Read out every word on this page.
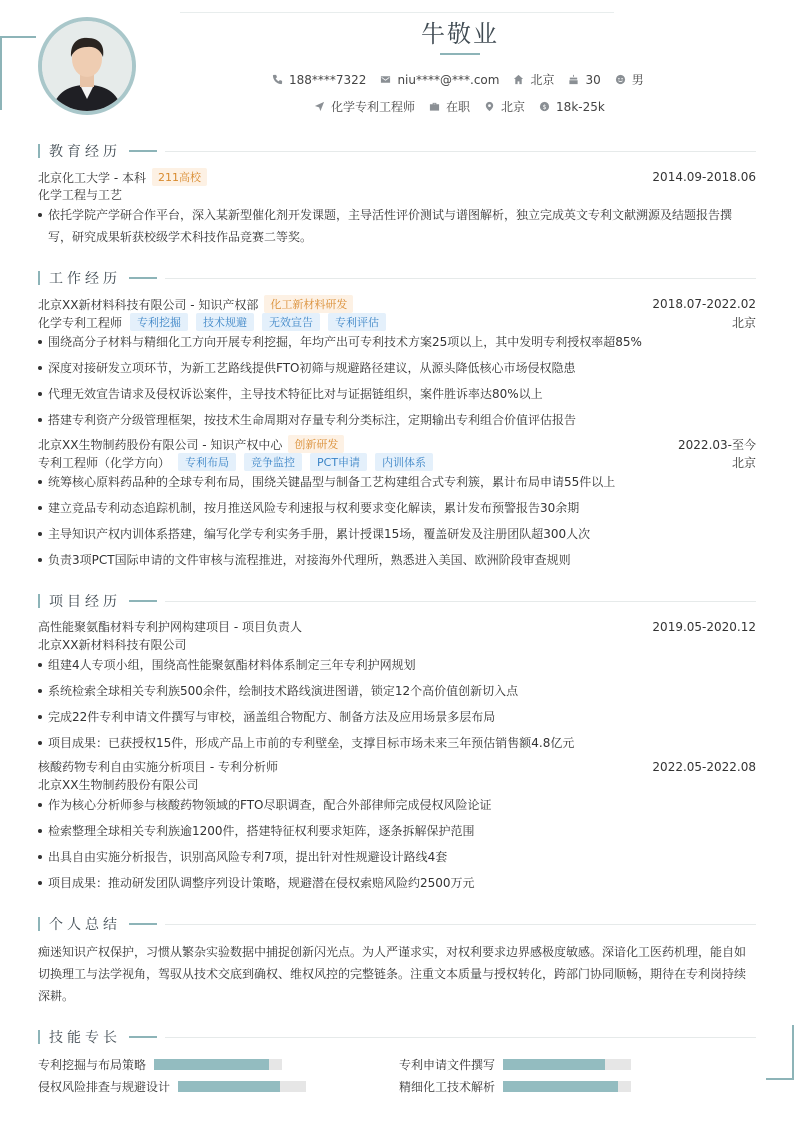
牛敬业
188****7322	niu****@***.com	北京	30	男
化学专利工程师	在职	北京 $ 18k-25k
教育经历
北京化工大学 - 本科	211高校	2014.09-2018.06
化学工程与工艺
依托学院产学研合作平台，深入某新型催化剂开发课题，主导活性评价测试与谱图解析，独立完成英文专利文献溯源及结题报告撰写，研究成果斩获校级学术科技作品竞赛二等奖。
工作经历
北京XX新材料科技有限公司 - 知识产权部	化工新材料研发	2018.07-2022.02
化学专利工程师	专利挖掘	技术规避	无效宣告	专利评估	北京
围绕高分子材料与精细化工方向开展专利挖掘，年均产出可专利技术方案25项以上，其中发明专利授权率超85%
深度对接研发立项环节，为新工艺路线提供FTO初筛与规避路径建议，从源头降低核心市场侵权隐患
代理无效宣告请求及侵权诉讼案件，主导技术特征比对与证据链组织，案件胜诉率达80%以上
搭建专利资产分级管理框架，按技术生命周期对存量专利分类标注，定期输出专利组合价值评估报告
北京XX生物制药股份有限公司 - 知识产权中心	创新研发	2022.03-至今
专利工程师（化学方向）	专利布局	竞争监控	PCT申请	内训体系	北京
统筹核心原料药品种的全球专利布局，围绕关键晶型与制备工艺构建组合式专利簇，累计布局申请55件以上
建立竞品专利动态追踪机制，按月推送风险专利速报与权利要求变化解读，累计发布预警报告30余期
主导知识产权内训体系搭建，编写化学专利实务手册，累计授课15场，覆盖研发及注册团队超300人次
负责3项PCT国际申请的文件审核与流程推进，对接海外代理所，熟悉进入美国、欧洲阶段审查规则
项目经历
高性能聚氨酯材料专利护网构建项目 - 项目负责人	2019.05-2020.12
北京XX新材料科技有限公司
组建4人专项小组，围绕高性能聚氨酯材料体系制定三年专利护网规划
系统检索全球相关专利族500余件，绘制技术路线演进图谱，锁定12个高价值创新切入点
完成22件专利申请文件撰写与审校，涵盖组合物配方、制备方法及应用场景多层布局
项目成果：已获授权15件，形成产品上市前的专利壁垒，支撑目标市场未来三年预估销售额4.8亿元
核酸药物专利自由实施分析项目 - 专利分析师	2022.05-2022.08
北京XX生物制药股份有限公司
作为核心分析师参与核酸药物领域的FTO尽职调查，配合外部律师完成侵权风险论证
检索整理全球相关专利族逾1200件，搭建特征权利要求矩阵，逐条拆解保护范围
出具自由实施分析报告，识别高风险专利7项，提出针对性规避设计路线4套
项目成果：推动研发团队调整序列设计策略，规避潜在侵权索赔风险约2500万元
个人总结
痴迷知识产权保护，习惯从繁杂实验数据中捕捉创新闪光点。为人严谨求实，对权利要求边界感极度敏感。深谙化工医药机理，能自如切换理工与法学视角，驾驭从技术交底到确权、维权风控的完整链条。注重文本质量与授权转化，跨部门协同顺畅，期待在专利岗持续深耕。
技能专长
专利挖掘与布局策略	专利申请文件撰写
侵权风险排查与规避设计	精细化工技术解析
